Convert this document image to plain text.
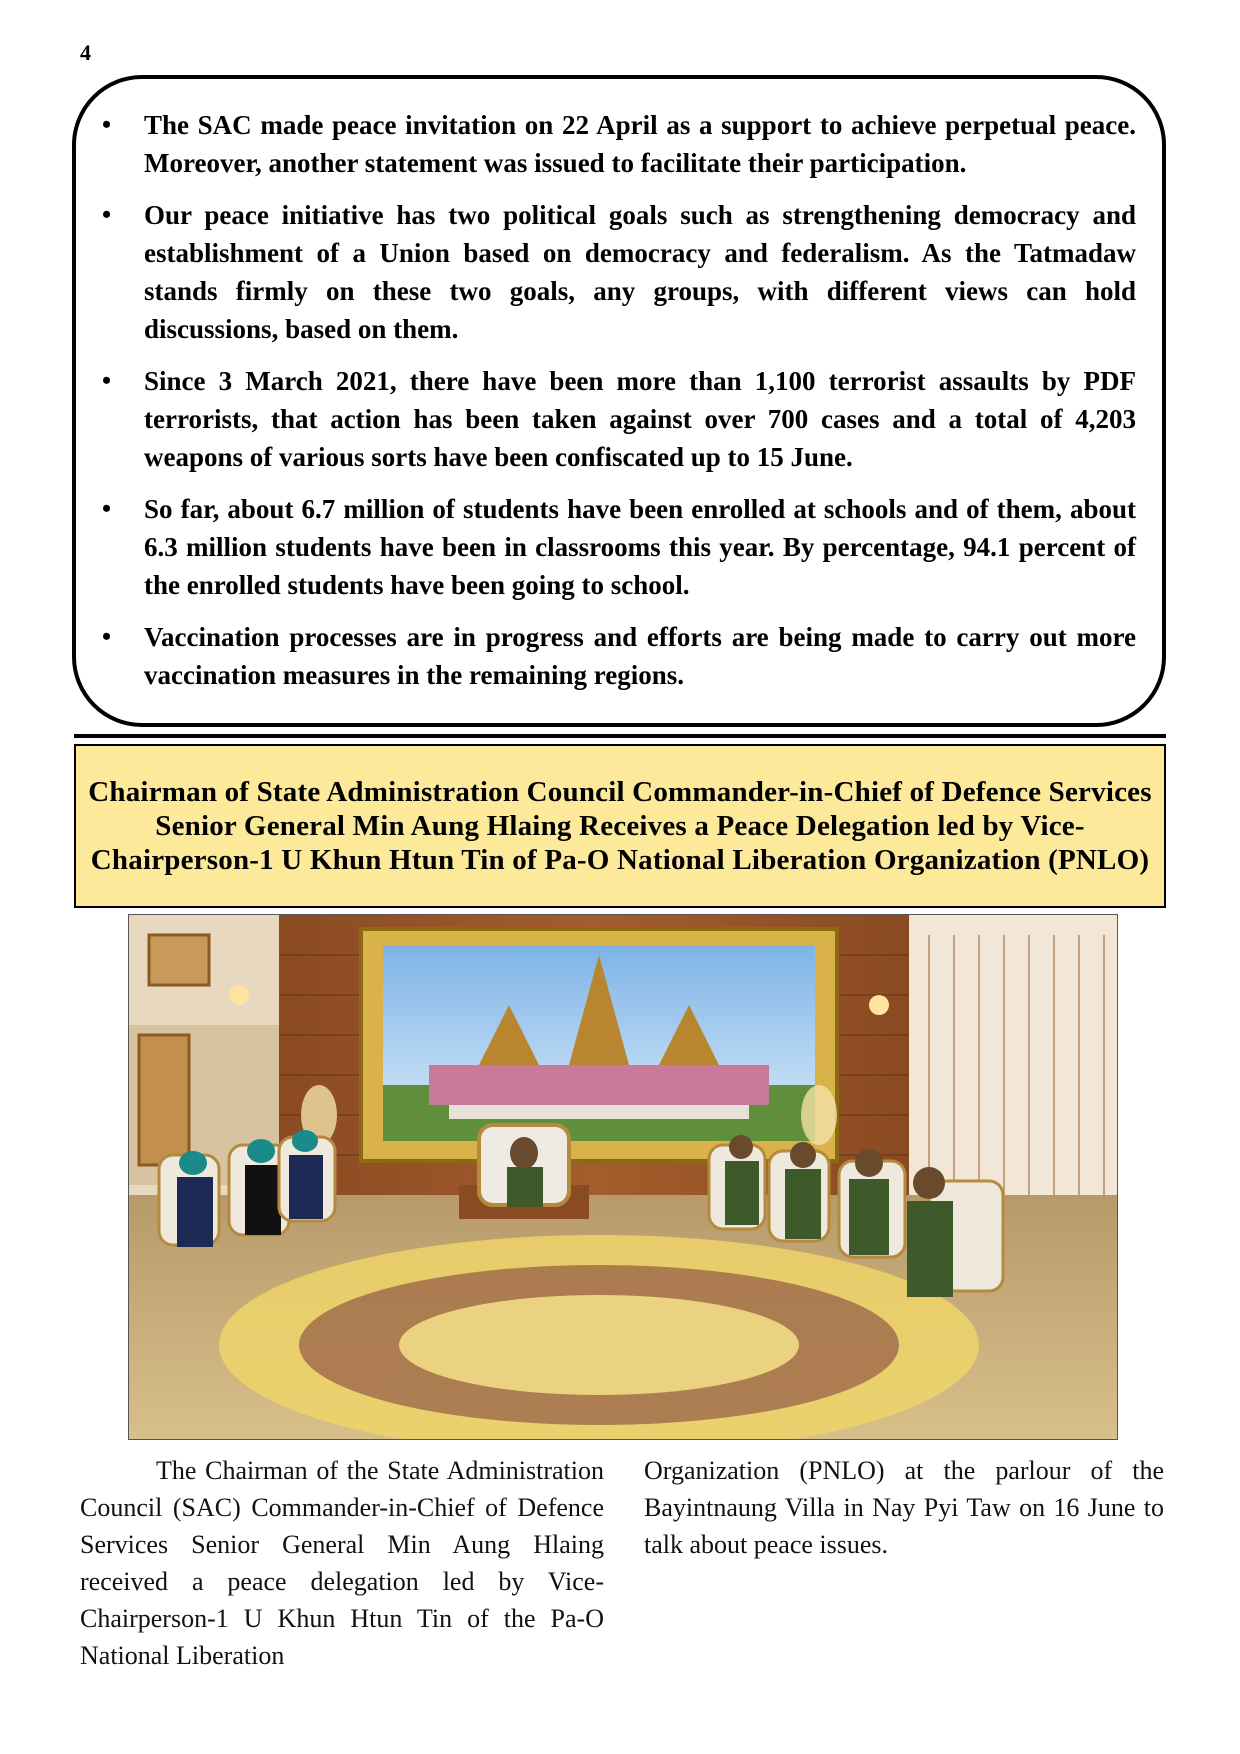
4
• The SAC made peace invitation on 22 April as a support to achieve perpetual peace. Moreover, another statement was issued to facilitate their participation.
• Our peace initiative has two political goals such as strengthening democracy and establishment of a Union based on democracy and federalism. As the Tatmadaw stands firmly on these two goals, any groups, with different views can hold discussions, based on them.
• Since 3 March 2021, there have been more than 1,100 terrorist assaults by PDF terrorists, that action has been taken against over 700 cases and a total of 4,203 weapons of various sorts have been confiscated up to 15 June.
• So far, about 6.7 million of students have been enrolled at schools and of them, about 6.3 million students have been in classrooms this year. By percentage, 94.1 percent of the enrolled students have been going to school.
• Vaccination processes are in progress and efforts are being made to carry out more vaccination measures in the remaining regions.
Chairman of State Administration Council Commander-in-Chief of Defence Services Senior General Min Aung Hlaing Receives a Peace Delegation led by Vice-Chairperson-1 U Khun Htun Tin of Pa-O National Liberation Organization (PNLO)
The Chairman of the State Administration Council (SAC) Commander-in-Chief of Defence Services Senior General Min Aung Hlaing received a peace delegation led by Vice-Chairperson-1 U Khun Htun Tin of the Pa-O National Liberation
Organization (PNLO) at the parlour of the Bayintnaung Villa in Nay Pyi Taw on 16 June to talk about peace issues.
